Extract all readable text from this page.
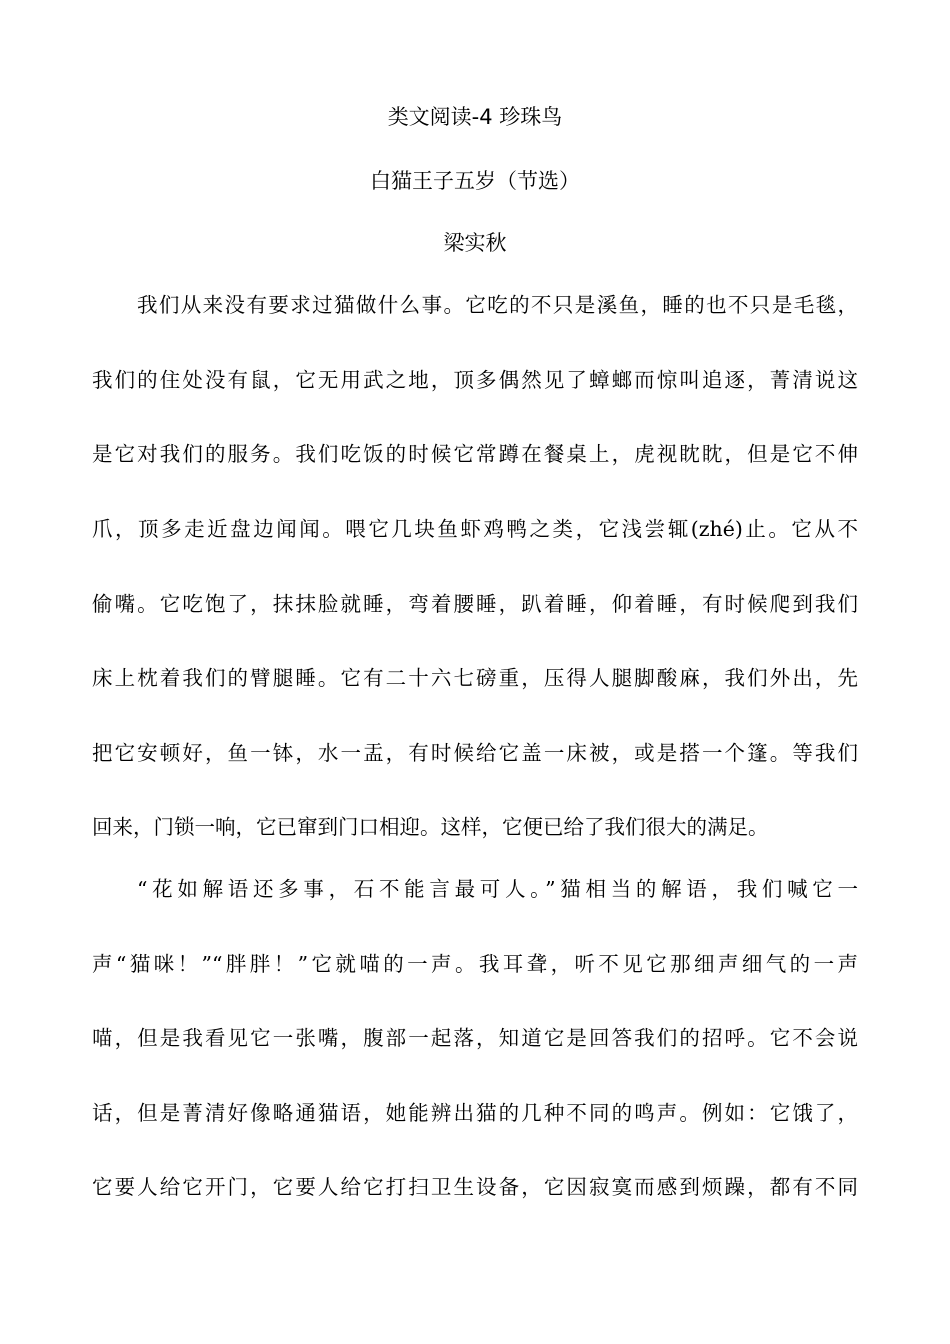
类文阅读-4 珍珠鸟
白猫王子五岁（节选）
梁实秋
我们从来没有要求过猫做什么事。它吃的不只是溪鱼，睡的也不只是毛毯，
我们的住处没有鼠，它无用武之地，顶多偶然见了蟑螂而惊叫追逐，菁清说这
是它对我们的服务。我们吃饭的时候它常蹲在餐桌上，虎视眈眈，但是它不伸
爪，顶多走近盘边闻闻。喂它几块鱼虾鸡鸭之类，它浅尝辄(zhé)止。它从不
偷嘴。它吃饱了，抹抹脸就睡，弯着腰睡，趴着睡，仰着睡，有时候爬到我们
床上枕着我们的臂腿睡。它有二十六七磅重，压得人腿脚酸麻，我们外出，先
把它安顿好，鱼一钵，水一盂，有时候给它盖一床被，或是搭一个篷。等我们
回来，门锁一响，它已窜到门口相迎。这样，它便已给了我们很大的满足。
“花如解语还多事，石不能言最可人。”猫相当的解语，我们喊它一
声“猫咪！”“胖胖！”它就喵的一声。我耳聋，听不见它那细声细气的一声
喵，但是我看见它一张嘴，腹部一起落，知道它是回答我们的招呼。它不会说
话，但是菁清好像略通猫语，她能辨出猫的几种不同的鸣声。例如：它饿了，
它要人给它开门，它要人给它打扫卫生设备，它因寂寞而感到烦躁，都有不同
